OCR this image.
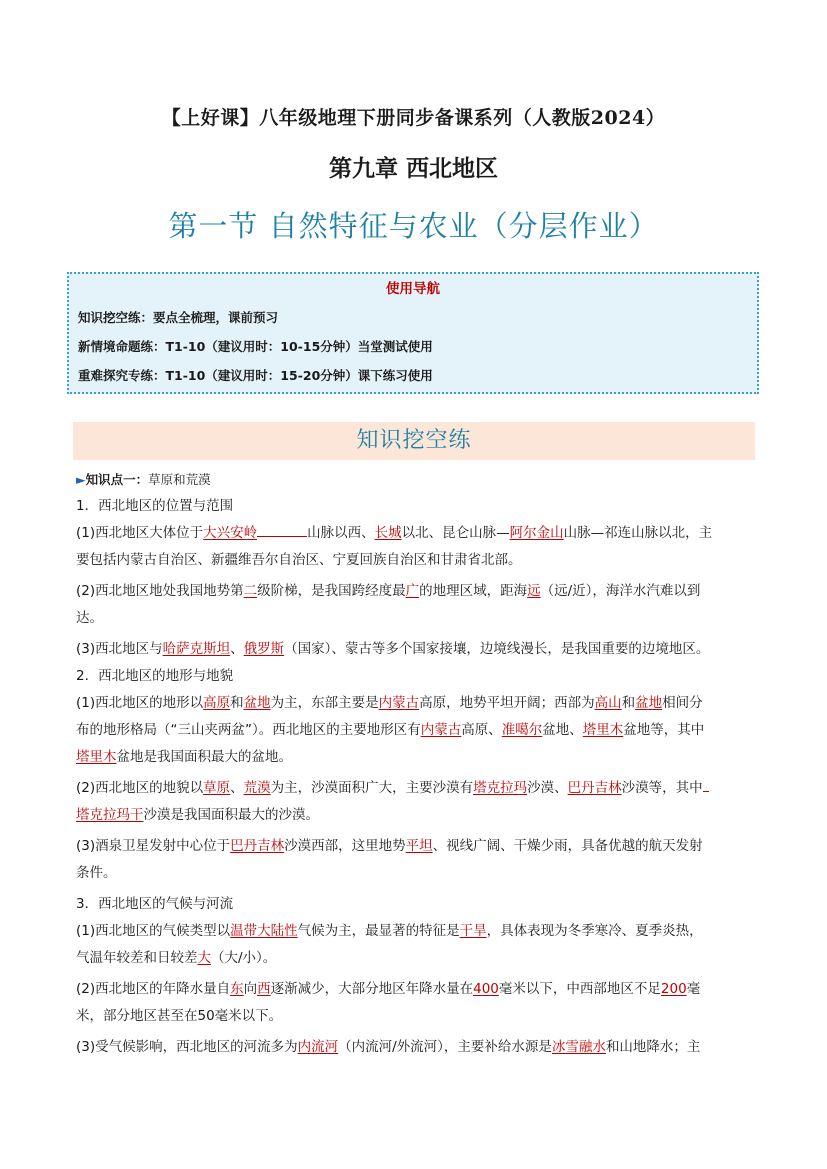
【上好课】八年级地理下册同步备课系列（人教版2024）
第九章 西北地区
第一节 自然特征与农业（分层作业）
使用导航
知识挖空练：要点全梳理，课前预习
新情境命题练：T1-10（建议用时：10-15分钟）当堂测试使用
重难探究专练：T1-10（建议用时：15-20分钟）课下练习使用
知识挖空练
►知识点一：草原和荒漠
1．西北地区的位置与范围
(1)西北地区大体位于大兴安岭	山脉以西、长城以北、昆仑山脉—阿尔金山山脉—祁连山脉以北，主
要包括内蒙古自治区、新疆维吾尔自治区、宁夏回族自治区和甘肃省北部。
(2)西北地区地处我国地势第二级阶梯，是我国跨经度最广的地理区域，距海远（远/近），海洋水汽难以到
达。
(3)西北地区与哈萨克斯坦、俄罗斯（国家）、蒙古等多个国家接壤，边境线漫长，是我国重要的边境地区。
2．西北地区的地形与地貌
(1)西北地区的地形以高原和盆地为主，东部主要是内蒙古高原，地势平坦开阔；西部为高山和盆地相间分
布的地形格局（“三山夹两盆”）。西北地区的主要地形区有内蒙古高原、准噶尔盆地、塔里木盆地等，其中
塔里木盆地是我国面积最大的盆地。
(2)西北地区的地貌以草原、荒漠为主，沙漠面积广大，主要沙漠有塔克拉玛沙漠、巴丹吉林沙漠等，其中
塔克拉玛干沙漠是我国面积最大的沙漠。
(3)酒泉卫星发射中心位于巴丹吉林沙漠西部，这里地势平坦、视线广阔、干燥少雨，具备优越的航天发射
条件。
3．西北地区的气候与河流
(1)西北地区的气候类型以温带大陆性气候为主，最显著的特征是干旱，具体表现为冬季寒冷、夏季炎热，
气温年较差和日较差大（大/小）。
(2)西北地区的年降水量自东向西逐渐减少，大部分地区年降水量在400毫米以下，中西部地区不足200毫
米，部分地区甚至在50毫米以下。
(3)受气候影响，西北地区的河流多为内流河（内流河/外流河），主要补给水源是冰雪融水和山地降水；主
